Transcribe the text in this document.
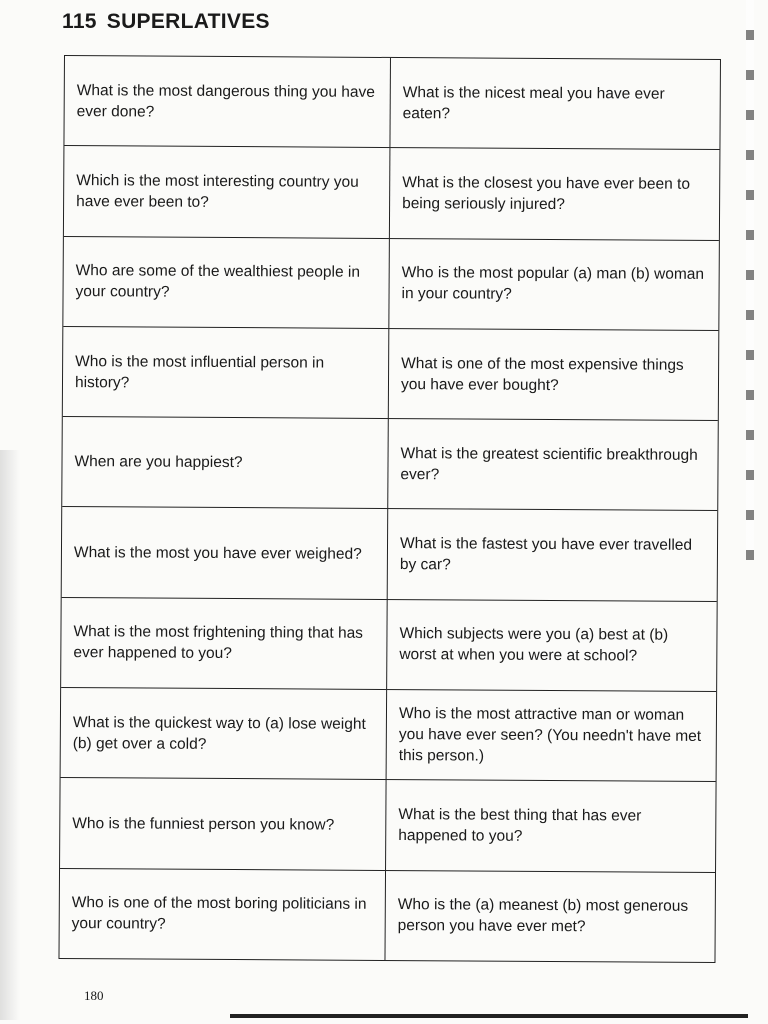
115 SUPERLATIVES
What is the most dangerous thing you have ever done?
What is the nicest meal you have ever eaten?
Which is the most interesting country you have ever been to?
What is the closest you have ever been to being seriously injured?
Who are some of the wealthiest people in your country?
Who is the most popular (a) man (b) woman in your country?
Who is the most influential person in history?
What is one of the most expensive things you have ever bought?
When are you happiest?	What is the greatest scientific breakthrough ever?
What is the most you have ever weighed? What is the fastest you have ever travelled by car?
What is the most frightening thing that has ever happened to you?
Which subjects were you (a) best at (b) worst at when you were at school?
What is the quickest way to (a) lose weight (b) get over a cold?
Who is the most attractive man or woman you have ever seen? (You needn't have met this person.)
Who is the funniest person you know?	What is the best thing that has ever happened to you?
Who is one of the most boring politicians in your country?
Who is the (a) meanest (b) most generous person you have ever met?
180
